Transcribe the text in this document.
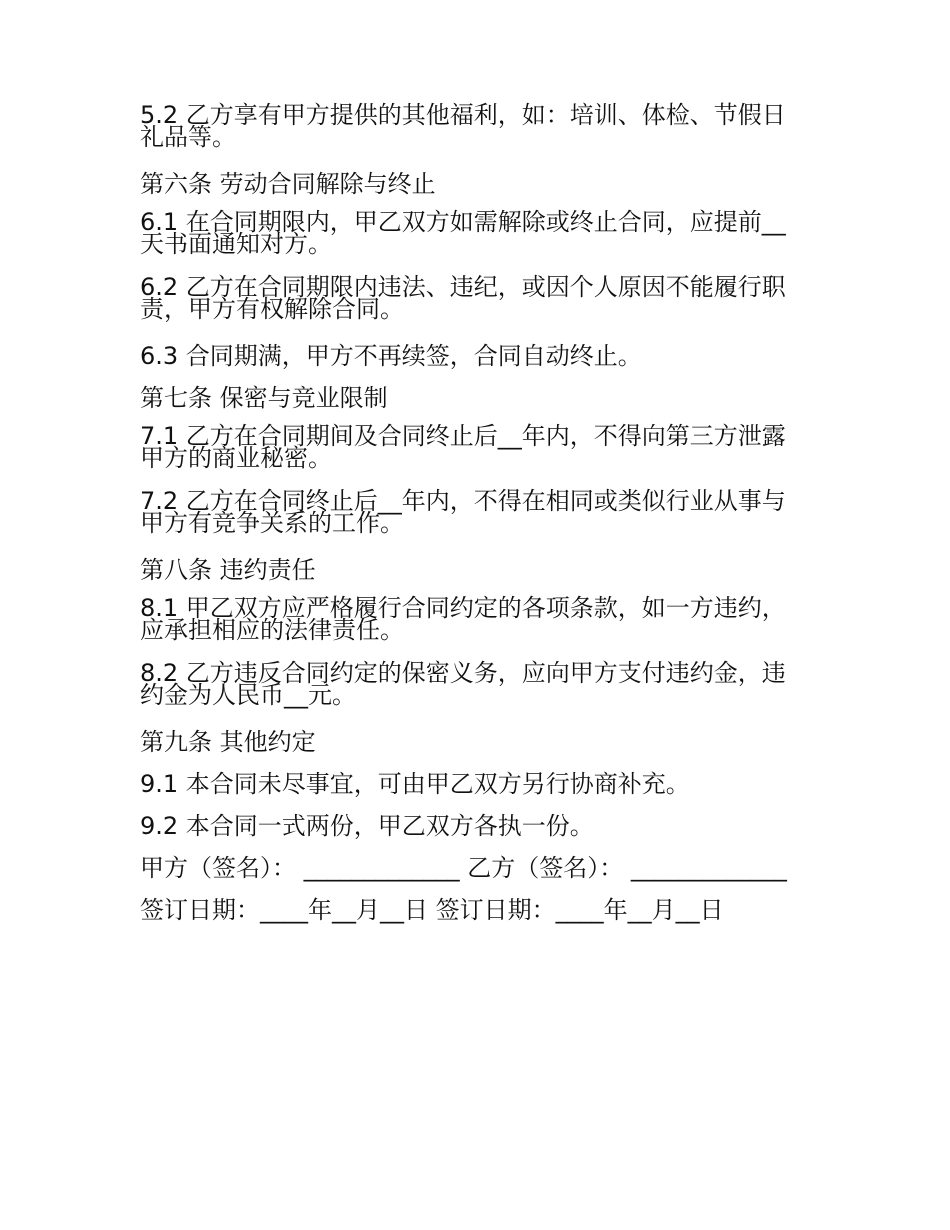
5.2 乙方享有甲方提供的其他福利，如：培训、体检、节假日
礼品等。

第六条 劳动合同解除与终止

6.1 在合同期限内，甲乙双方如需解除或终止合同，应提前__
天书面通知对方。

6.2 乙方在合同期限内违法、违纪，或因个人原因不能履行职
责，甲方有权解除合同。

6.3 合同期满，甲方不再续签，合同自动终止。

第七条 保密与竞业限制

7.1 乙方在合同期间及合同终止后__年内，不得向第三方泄露
甲方的商业秘密。

7.2 乙方在合同终止后__年内，不得在相同或类似行业从事与
甲方有竞争关系的工作。

第八条 违约责任

8.1 甲乙双方应严格履行合同约定的各项条款，如一方违约，
应承担相应的法律责任。

8.2 乙方违反合同约定的保密义务，应向甲方支付违约金，违
约金为人民币__元。

第九条 其他约定

9.1 本合同未尽事宜，可由甲乙双方另行协商补充。

9.2 本合同一式两份，甲乙双方各执一份。

甲方（签名）： _____________ 乙方（签名）： _____________

签订日期：____年__月__日 签订日期：____年__月__日
